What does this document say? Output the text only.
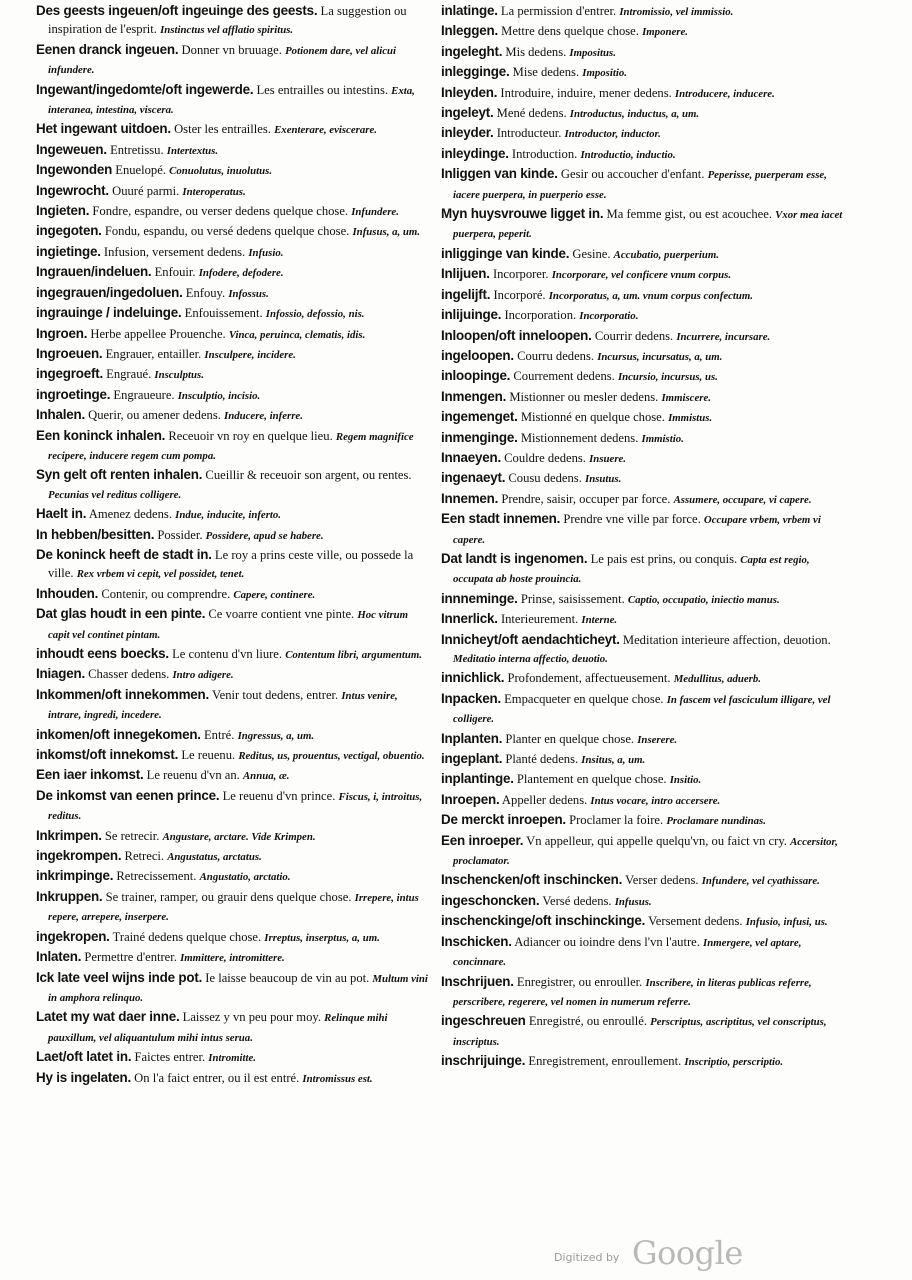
Des geests ingeuen/oft ingeuinge des geests. La suggestion ou inspiration de l'esprit. Instinctus vel afflatio spiritus.

Eenen dranck ingeuen. Donner vn bruuage. Potionem dare, vel alicui infundere.

Ingewant/ingedomte/oft ingewerde. Les entrailles ou intestins. Exta, interanea, intestina, viscera.

Het ingewant uitdoen. Oster les entrailles. Exenterare, eviscerare.

Ingeweuen. Entretissu. Intertextus.

Ingewonden Enuelopé. Conuolutus, inuolutus.

Ingewrocht. Ouuré parmi. Interoperatus.

Ingieten. Fondre, espandre, ou verser dedens quelque chose. Infundere.

ingegoten. Fondu, espandu, ou versé dedens quelque chose. Infusus, a, um.

ingietinge. Infusion, versement dedens. Infusio.

Ingrauen/indeluen. Enfouir. Infodere, defodere.

ingegrauen/ingedoluen. Enfouy. Infossus.

ingrauinge / indeluinge. Enfouissement. Infossio, defossio, nis.

Ingroen. Herbe appellee Prouenche. Vinca, peruinca, clematis, idis.

Ingroeuen. Engrauer, entailler. Insculpere, incidere.

ingegroeft. Engraué. Insculptus.

ingroetinge. Engraueure. Insculptio, incisio.

Inhalen. Querir, ou amener dedens. Inducere, inferre.

Een koninck inhalen. Receuoir vn roy en quelque lieu. Regem magnifice recipere, inducere regem cum pompa.

Syn gelt oft renten inhalen. Cueillir & receuoir son argent, ou rentes. Pecunias vel reditus colligere.

Haelt in. Amenez dedens. Indue, inducite, inferto.

In hebben/besitten. Possider. Possidere, apud se habere.

De koninck heeft de stadt in. Le roy a prins ceste ville, ou possede la ville. Rex vrbem vi cepit, vel possidet, tenet.

Inhouden. Contenir, ou comprendre. Capere, continere.

Dat glas houdt in een pinte. Ce voarre contient vne pinte. Hoc vitrum capit vel continet pintam.

inhoudt eens boecks. Le contenu d'vn liure. Contentum libri, argumentum.

Iniagen. Chasser dedens. Intro adigere.

Inkommen/oft innekommen. Venir tout dedens, entrer. Intus venire, intrare, ingredi, incedere.

inkomen/oft innegekomen. Entré. Ingressus, a, um.

inkomst/oft innekomst. Le reuenu. Reditus, us, prouentus, vectigal, obuentio.

Een iaer inkomst. Le reuenu d'vn an. Annua, æ.

De inkomst van eenen prince. Le reuenu d'vn prince. Fiscus, i, introitus, reditus.

Inkrimpen. Se retrecir. Angustare, arctare. Vide Krimpen.

ingekrompen. Retreci. Angustatus, arctatus.

inkrimpinge. Retrecissement. Angustatio, arctatio.

Inkruppen. Se trainer, ramper, ou grauir dens quelque chose. Irrepere, intus repere, arrepere, inserpere.

ingekropen. Trainé dedens quelque chose. Irreptus, inserptus, a, um.

Inlaten. Permettre d'entrer. Immittere, intromittere.

Ick late veel wijns inde pot. Ie laisse beaucoup de vin au pot. Multum vini in amphora relinquo.

Latet my wat daer inne. Laissez y vn peu pour moy. Relinque mihi pauxillum, vel aliquantulum mihi intus serua.

Laet/oft latet in. Faictes entrer. Intromitte.

Hy is ingelaten. On l'a faict entrer, ou il est entré. Intromissus est.

inlatinge. La permission d'entrer. Intromissio, vel immissio.

Inleggen. Mettre dens quelque chose. Imponere.

ingeleght. Mis dedens. Impositus.

inlegginge. Mise dedens. Impositio.

Inleyden. Introduire, induire, mener dedens. Introducere, inducere.

ingeleyt. Mené dedens. Introductus, inductus, a, um.

inleyder. Introducteur. Introductor, inductor.

inleydinge. Introduction. Introductio, inductio.

Inliggen van kinde. Gesir ou accoucher d'enfant. Peperisse, puerperam esse, iacere puerpera, in puerperio esse.

Myn huysvrouwe ligget in. Ma femme gist, ou est acouchee. Vxor mea iacet puerpera, peperit.

inligginge van kinde. Gesine. Accubatio, puerperium.

Inlijuen. Incorporer. Incorporare, vel conficere vnum corpus.

ingelijft. Incorporé. Incorporatus, a, um. vnum corpus confectum.

inlijuinge. Incorporation. Incorporatio.

Inloopen/oft inneloopen. Courrir dedens. Incurrere, incursare.

ingeloopen. Courru dedens. Incursus, incursatus, a, um.

inloopinge. Courrement dedens. Incursio, incursus, us.

Inmengen. Mistionner ou mesler dedens. Immiscere.

ingemenget. Mistionné en quelque chose. Immistus.

inmenginge. Mistionnement dedens. Immistio.

Innaeyen. Couldre dedens. Insuere.

ingenaeyt. Cousu dedens. Insutus.

Innemen. Prendre, saisir, occuper par force. Assumere, occupare, vi capere.

Een stadt innemen. Prendre vne ville par force. Occupare vrbem, vrbem vi capere.

Dat landt is ingenomen. Le pais est prins, ou conquis. Capta est regio, occupata ab hoste prouincia.

innneminge. Prinse, saisissement. Captio, occupatio, iniectio manus.

Innerlick. Interieurement. Interne.

Innicheyt/oft aendachticheyt. Meditation interieure affection, deuotion. Meditatio interna affectio, deuotio.

innichlick. Profondement, affectueusement. Medullitus, aduerb.

Inpacken. Empacqueter en quelque chose. In fascem vel fasciculum illigare, vel colligere.

Inplanten. Planter en quelque chose. Inserere.

ingeplant. Planté dedens. Insitus, a, um.

inplantinge. Plantement en quelque chose. Insitio.

Inroepen. Appeller dedens. Intus vocare, intro accersere.

De merckt inroepen. Proclamer la foire. Proclamare nundinas.

Een inroeper. Vn appelleur, qui appelle quelqu'vn, ou faict vn cry. Accersitor, proclamator.

Inschencken/oft inschincken. Verser dedens. Infundere, vel cyathissare.

ingeschoncken. Versé dedens. Infusus.

inschenckinge/oft inschinckinge. Versement dedens. Infusio, infusi, us.

Inschicken. Adiancer ou ioindre dens l'vn l'autre. Inmergere, vel aptare, concinnare.

Inschrijuen. Enregistrer, ou enrouller. Inscribere, in literas publicas referre, perscribere, regerere, vel nomen in numerum referre.

ingeschreuen Enregistré, ou enroullé. Perscriptus, ascriptitus, vel conscriptus, inscriptus.

inschrijuinge. Enregistrement, enroullement. Inscriptio, perscriptio.

Digitized by Google
